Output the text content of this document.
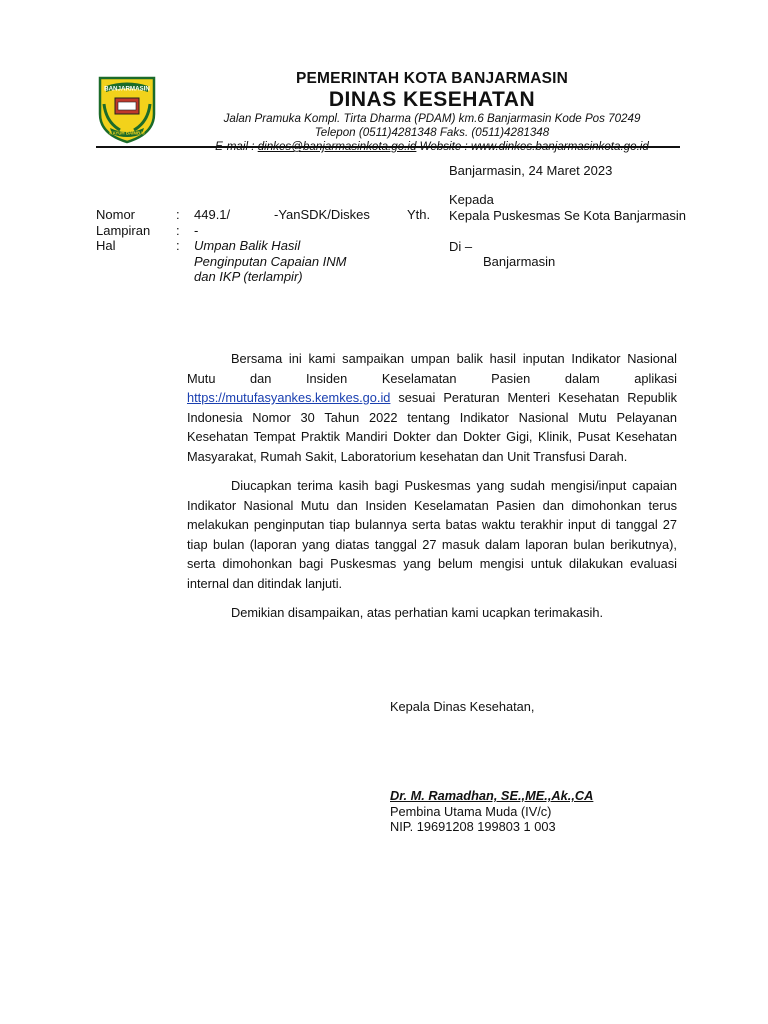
BANJARMASIN
KAYUH BAIMBAI
PEMERINTAH KOTA BANJARMASIN
DINAS KESEHATAN
Jalan Pramuka Kompl. Tirta Dharma (PDAM) km.6 Banjarmasin Kode Pos 70249
Telepon (0511)4281348 Faks. (0511)4281348
E-mail : dinkes@banjarmasinkota.go.id Website : www.dinkes.banjarmasinkota.go.id
Banjarmasin, 24 Maret 2023
Nomor	: 449.1/	-YanSDK/Diskes	Yth.
Lampiran : -
Hal	: Umpan Balik Hasil
Penginputan Capaian INM
dan IKP (terlampir)
Kepada
Kepala Puskesmas Se Kota Banjarmasin
Di –
Banjarmasin

Bersama ini kami sampaikan umpan balik hasil inputan Indikator Nasional Mutu dan Insiden Keselamatan Pasien dalam aplikasi https://mutufasyankes.kemkes.go.id sesuai Peraturan Menteri Kesehatan Republik Indonesia Nomor 30 Tahun 2022 tentang Indikator Nasional Mutu Pelayanan Kesehatan Tempat Praktik Mandiri Dokter dan Dokter Gigi, Klinik, Pusat Kesehatan Masyarakat, Rumah Sakit, Laboratorium kesehatan dan Unit Transfusi Darah.

Diucapkan terima kasih bagi Puskesmas yang sudah mengisi/input capaian Indikator Nasional Mutu dan Insiden Keselamatan Pasien dan dimohonkan terus melakukan penginputan tiap bulannya serta batas waktu terakhir input di tanggal 27 tiap bulan (laporan yang diatas tanggal 27 masuk dalam laporan bulan berikutnya), serta dimohonkan bagi Puskesmas yang belum mengisi untuk dilakukan evaluasi internal dan ditindak lanjuti.

Demikian disampaikan, atas perhatian kami ucapkan terimakasih.

Kepala Dinas Kesehatan,
Dr. M. Ramadhan, SE.,ME.,Ak.,CA
Pembina Utama Muda (IV/c)
NIP. 19691208 199803 1 003
